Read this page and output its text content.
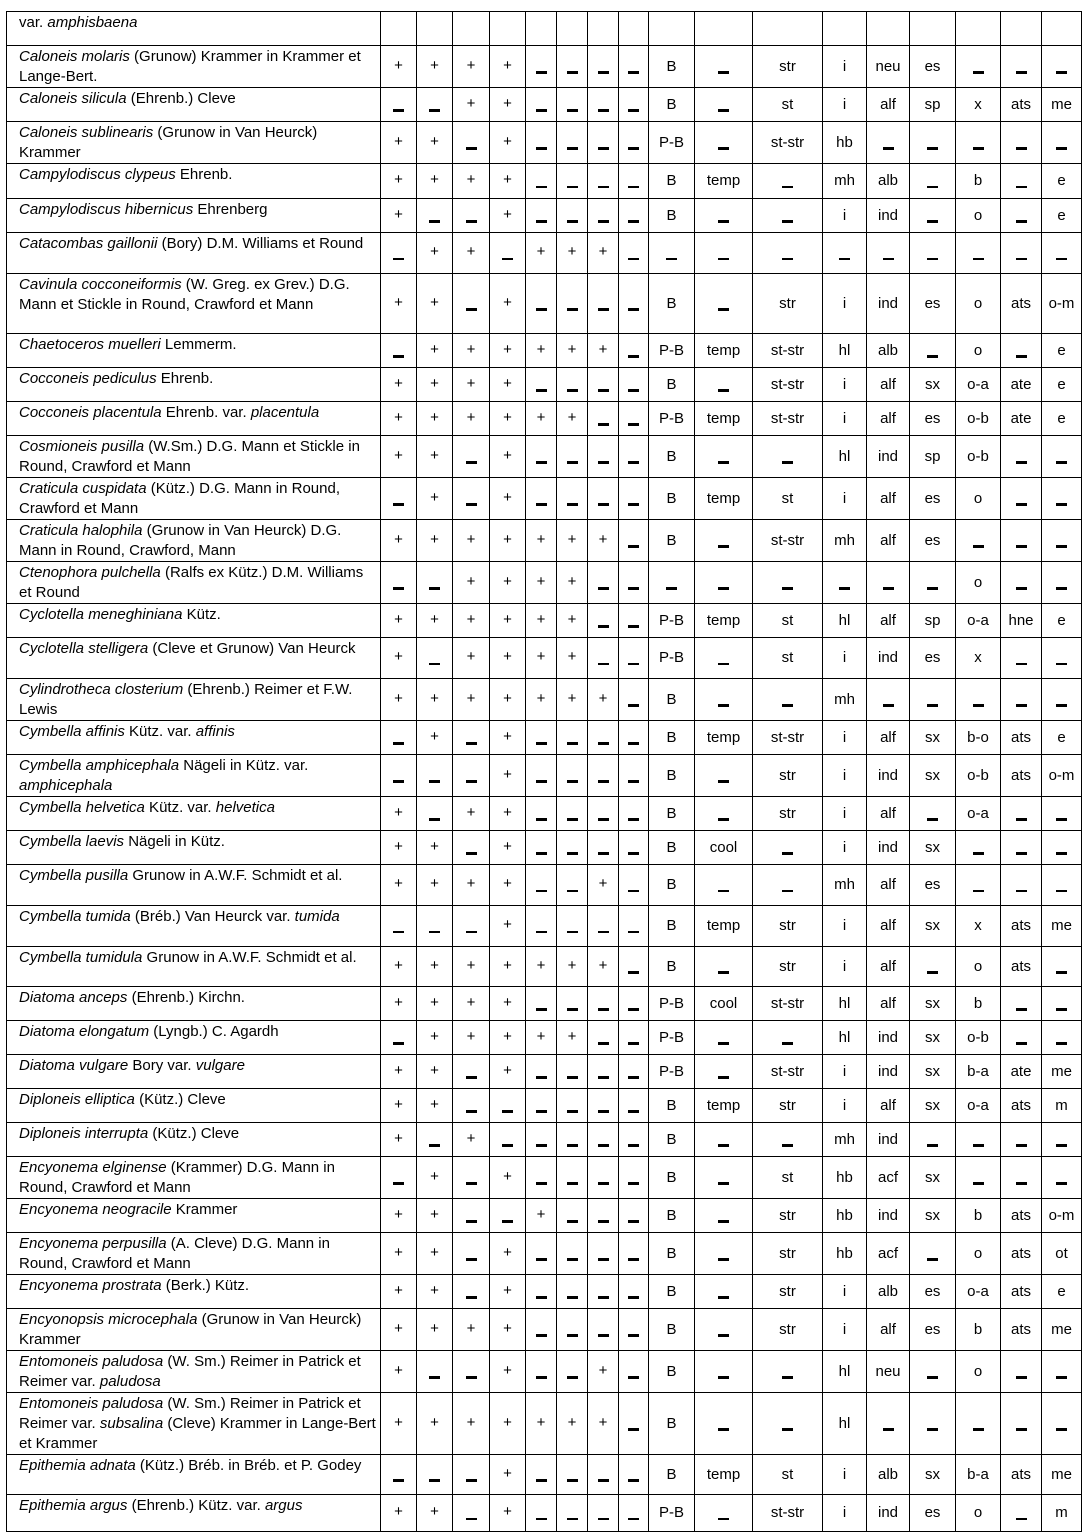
var. amphisbaena																	
Caloneis molaris (Grunow) Krammer in Krammer et Lange-Bert.	+	+	+	+					B		str	i	neu	es			
Caloneis silicula (Ehrenb.) Cleve			+	+					B		st	i	alf	sp	x	ats	me
Caloneis sublinearis (Grunow in Van Heurck) Krammer	+	+		+					P-B		st-str	hb					
Campylodiscus clypeus Ehrenb.	+	+	+	+					B	temp		mh	alb		b		e
Campylodiscus hibernicus Ehrenberg	+			+					B			i	ind		o		e
Catacombas gaillonii (Bory) D.M. Williams et Round		+	+		+	+	+										
Cavinula cocconeiformis (W. Greg. ex Grev.) D.G. Mann et Stickle in Round, Crawford et Mann	+	+		+					B		str	i	ind	es	o	ats	o-m
Chaetoceros muelleri Lemmerm.		+	+	+	+	+	+		P-B	temp	st-str	hl	alb		o		e
Cocconeis pediculus Ehrenb.	+	+	+	+					B		st-str	i	alf	sx	o-a	ate	e
Cocconeis placentula Ehrenb. var. placentula	+	+	+	+	+	+			P-B	temp	st-str	i	alf	es	o-b	ate	e
Cosmioneis pusilla (W.Sm.) D.G. Mann et Stickle in Round, Crawford et Mann	+	+		+					B			hl	ind	sp	o-b		
Craticula cuspidata (Kütz.) D.G. Mann in Round, Crawford et Mann		+		+					B	temp	st	i	alf	es	o		
Craticula halophila (Grunow in Van Heurck) D.G. Mann in Round, Crawford, Mann	+	+	+	+	+	+	+		B		st-str	mh	alf	es			
Ctenophora pulchella (Ralfs ex Kütz.) D.M. Williams et Round			+	+	+	+									o		
Cyclotella meneghiniana Kütz.	+	+	+	+	+	+			P-B	temp	st	hl	alf	sp	o-a	hne	e
Cyclotella stelligera (Cleve et Grunow) Van Heurck	+		+	+	+	+			P-B		st	i	ind	es	x		
Cylindrotheca closterium (Ehrenb.) Reimer et F.W. Lewis	+	+	+	+	+	+	+		B			mh					
Cymbella affinis Kütz. var. affinis		+		+					B	temp	st-str	i	alf	sx	b-o	ats	e
Cymbella amphicephala Nägeli in Kütz. var. amphicephala				+					B		str	i	ind	sx	o-b	ats	o-m
Cymbella helvetica Kütz. var. helvetica	+		+	+					B		str	i	alf		o-a		
Cymbella laevis Nägeli in Kütz.	+	+		+					B	cool		i	ind	sx			
Cymbella pusilla Grunow in A.W.F. Schmidt et al.	+	+	+	+			+		B			mh	alf	es			
Cymbella tumida (Bréb.) Van Heurck var. tumida				+					B	temp	str	i	alf	sx	x	ats	me
Cymbella tumidula Grunow in A.W.F. Schmidt et al.	+	+	+	+	+	+	+		B		str	i	alf		o	ats	
Diatoma anceps (Ehrenb.) Kirchn.	+	+	+	+					P-B	cool	st-str	hl	alf	sx	b		
Diatoma elongatum (Lyngb.) C. Agardh		+	+	+	+	+			P-B			hl	ind	sx	o-b		
Diatoma vulgare Bory var. vulgare	+	+		+					P-B		st-str	i	ind	sx	b-a	ate	me
Diploneis elliptica (Kütz.) Cleve	+	+							B	temp	str	i	alf	sx	o-a	ats	m
Diploneis interrupta (Kütz.) Cleve	+		+						B			mh	ind				
Encyonema elginense (Krammer) D.G. Mann in Round, Crawford et Mann		+		+					B		st	hb	acf	sx			
Encyonema neogracile Krammer	+	+			+				B		str	hb	ind	sx	b	ats	o-m
Encyonema perpusilla (A. Cleve) D.G. Mann in Round, Crawford et Mann	+	+		+					B		str	hb	acf		o	ats	ot
Encyonema prostrata (Berk.) Kütz.	+	+		+					B		str	i	alb	es	o-a	ats	e
Encyonopsis microcephala (Grunow in Van Heurck) Krammer	+	+	+	+					B		str	i	alf	es	b	ats	me
Entomoneis paludosa (W. Sm.) Reimer in Patrick et Reimer var. paludosa	+			+			+		B			hl	neu		o		
Entomoneis paludosa (W. Sm.) Reimer in Patrick et Reimer var. subsalina (Cleve) Krammer in Lange-Bert et Krammer	+	+	+	+	+	+	+		B			hl					
Epithemia adnata (Kütz.) Bréb. in Bréb. et P. Godey				+					B	temp	st	i	alb	sx	b-a	ats	me
Epithemia argus (Ehrenb.) Kütz. var. argus	+	+		+					P-B		st-str	i	ind	es	o		m
